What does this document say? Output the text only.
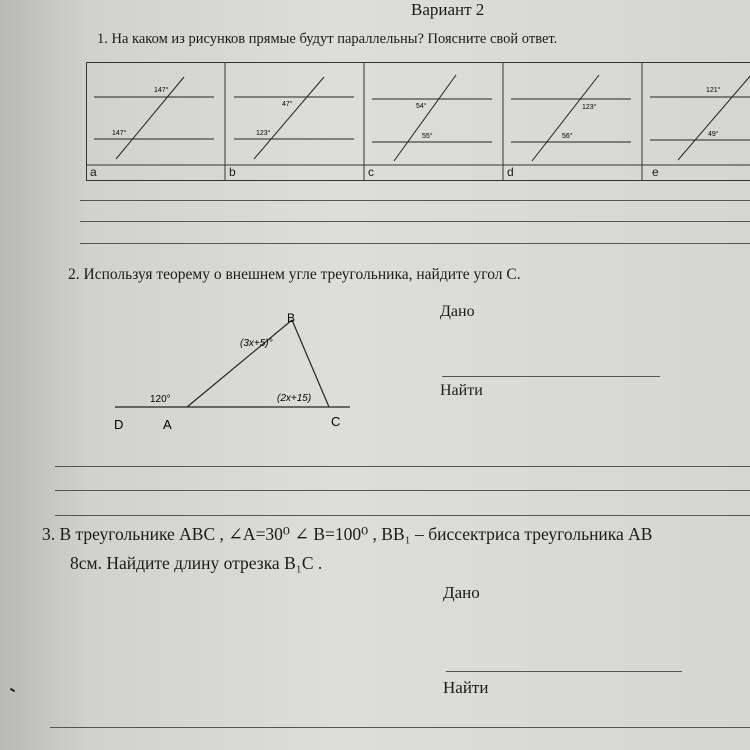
Вариант 2
1. На каком из рисунков прямые будут параллельны? Поясните свой ответ.
147°
147°
47°
123°
54°
55°
123°
56°
121°
49°
a	b	c	d	e
2. Используя теорему о внешнем угле треугольника, найдите угол С.
B
(3x+5)°
120°	(2x+15)
D	A	C
Дано
Найти
3. В треугольнике АВС , ∠A=30⁰ ∠ B=100⁰ , BB₁ – биссектриса треугольника АВ
8см. Найдите длину отрезка B₁C .
Дано
Найти
